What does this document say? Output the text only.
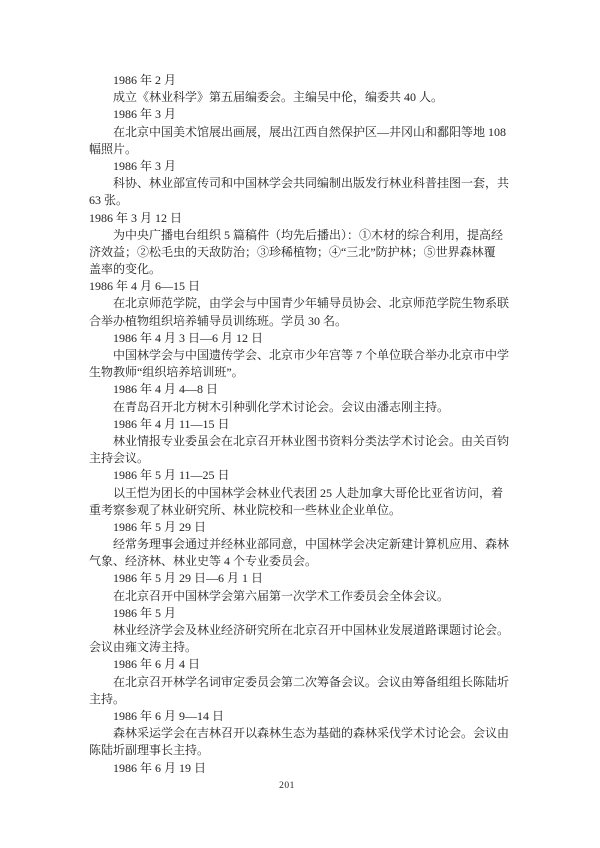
1986 年 2 月
成立《林业科学》第五届编委会。主编吴中伦，编委共 40 人。
1986 年 3 月
在北京中国美术馆展出画展，展出江西自然保护区—井冈山和鄱阳等地 108
幅照片。
1986 年 3 月
科协、林业部宣传司和中国林学会共同编制出版发行林业科普挂图一套，共
63 张。
1986 年 3 月 12 日
为中央广播电台组织 5 篇稿件（均先后播出）：①木材的综合利用，提高经
济效益；②松毛虫的天敌防治；③珍稀植物；④“三北”防护林；⑤世界森林覆
盖率的变化。
1986 年 4 月 6—15 日
在北京师范学院，由学会与中国青少年辅导员协会、北京师范学院生物系联
合举办植物组织培养辅导员训练班。学员 30 名。
1986 年 4 月 3 日—6 月 12 日
中国林学会与中国遗传学会、北京市少年宫等 7 个单位联合举办北京市中学
生物教师“组织培养培训班”。
1986 年 4 月 4—8 日
在青岛召开北方树木引种驯化学术讨论会。会议由潘志刚主持。
1986 年 4 月 11—15 日
林业情报专业委虽会在北京召开林业图书资料分类法学术讨论会。由关百钧
主持会议。
1986 年 5 月 11—25 日
以王恺为团长的中国林学会林业代表团 25 人赴加拿大哥伦比亚省访问，着
重考察参观了林业研究所、林业院校和一些林业企业单位。
1986 年 5 月 29 日
经常务理事会通过并经林业部同意，中国林学会决定新建计算机应用、森林
气象、经济林、林业史等 4 个专业委员会。
1986 年 5 月 29 日—6 月 1 日
在北京召开中国林学会第六届第一次学术工作委员会全体会议。
1986 年 5 月
林业经济学会及林业经济研究所在北京召开中国林业发展道路课题讨论会。
会议由雍文涛主持。
1986 年 6 月 4 日
在北京召开林学名词审定委员会第二次筹备会议。会议由筹备组组长陈陆圻
主持。
1986 年 6 月 9—14 日
森林采运学会在吉林召开以森林生态为基础的森林采伐学术讨论会。会议由
陈陆圻副理事长主持。
1986 年 6 月 19 日
201
